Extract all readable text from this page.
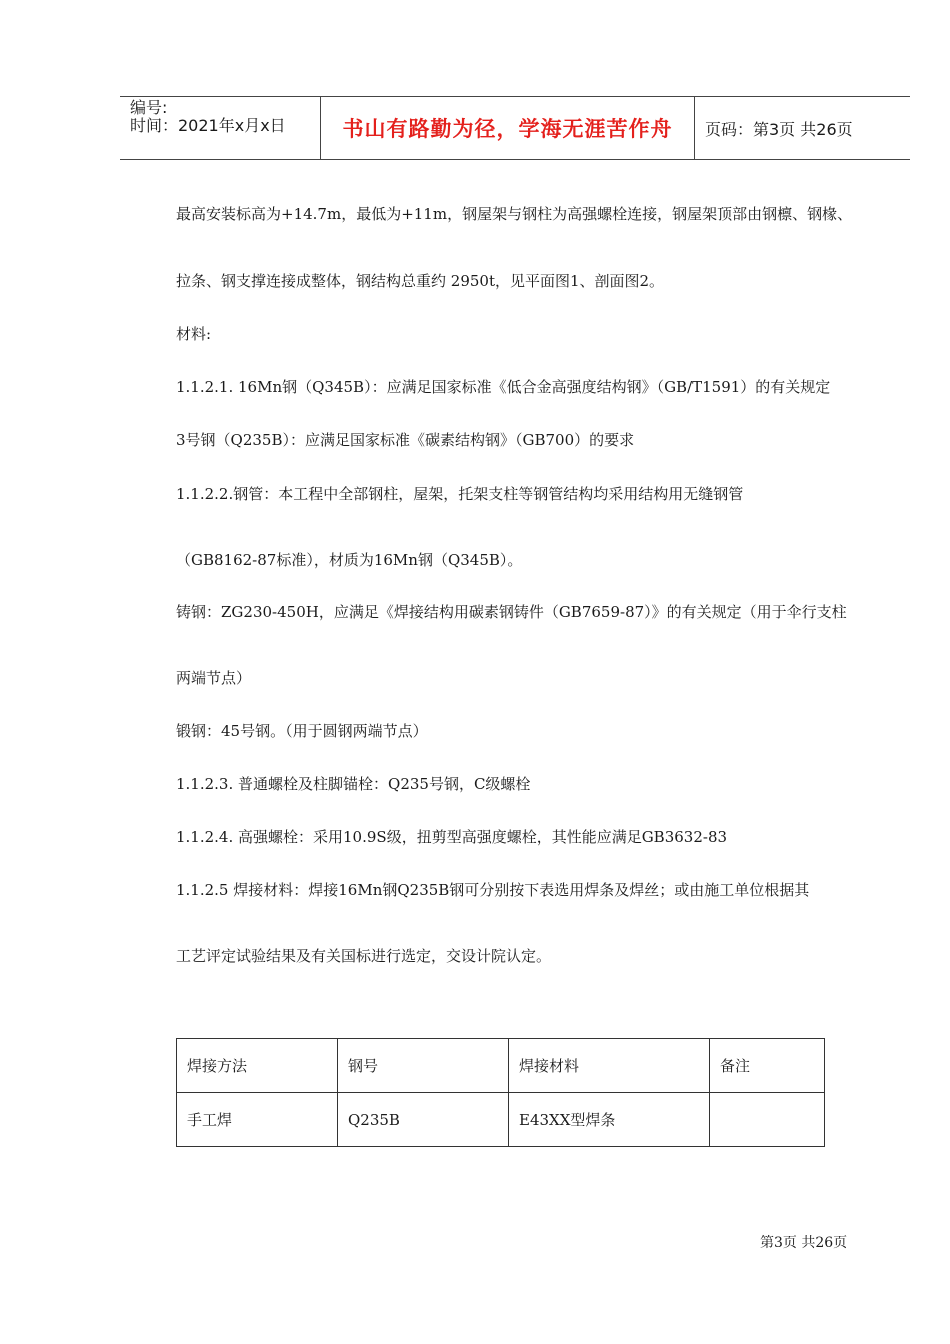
编号:
时间：2021年x月x日	书山有路勤为径，学海无涯苦作舟 页码：第3页 共26页
最高安装标高为+14.7m，最低为+11m，钢屋架与钢柱为高强螺栓连接，钢屋架顶部由钢檩、钢椽、
拉条、钢支撑连接成整体，钢结构总重约 2950t，见平面图1、剖面图2。
材料:
1.1.2.1. 16Mn钢（Q345B）：应满足国家标准《低合金高强度结构钢》（GB/T1591）的有关规定
3号钢（Q235B）：应满足国家标准《碳素结构钢》（GB700）的要求
1.1.2.2.钢管：本工程中全部钢柱，屋架，托架支柱等钢管结构均采用结构用无缝钢管
（GB8162-87标准），材质为16Mn钢（Q345B）。
铸钢：ZG230-450H，应满足《焊接结构用碳素钢铸件（GB7659-87）》的有关规定（用于伞行支柱
两端节点）
锻钢：45号钢。（用于圆钢两端节点）
1.1.2.3. 普通螺栓及柱脚锚栓：Q235号钢，C级螺栓
1.1.2.4. 高强螺栓：采用10.9S级，扭剪型高强度螺栓，其性能应满足GB3632-83
1.1.2.5 焊接材料：焊接16Mn钢Q235B钢可分别按下表选用焊条及焊丝；或由施工单位根据其
工艺评定试验结果及有关国标进行选定，交设计院认定。
焊接方法	钢号	焊接材料	备注
手工焊	Q235B	E43XX型焊条	
第3页 共26页
